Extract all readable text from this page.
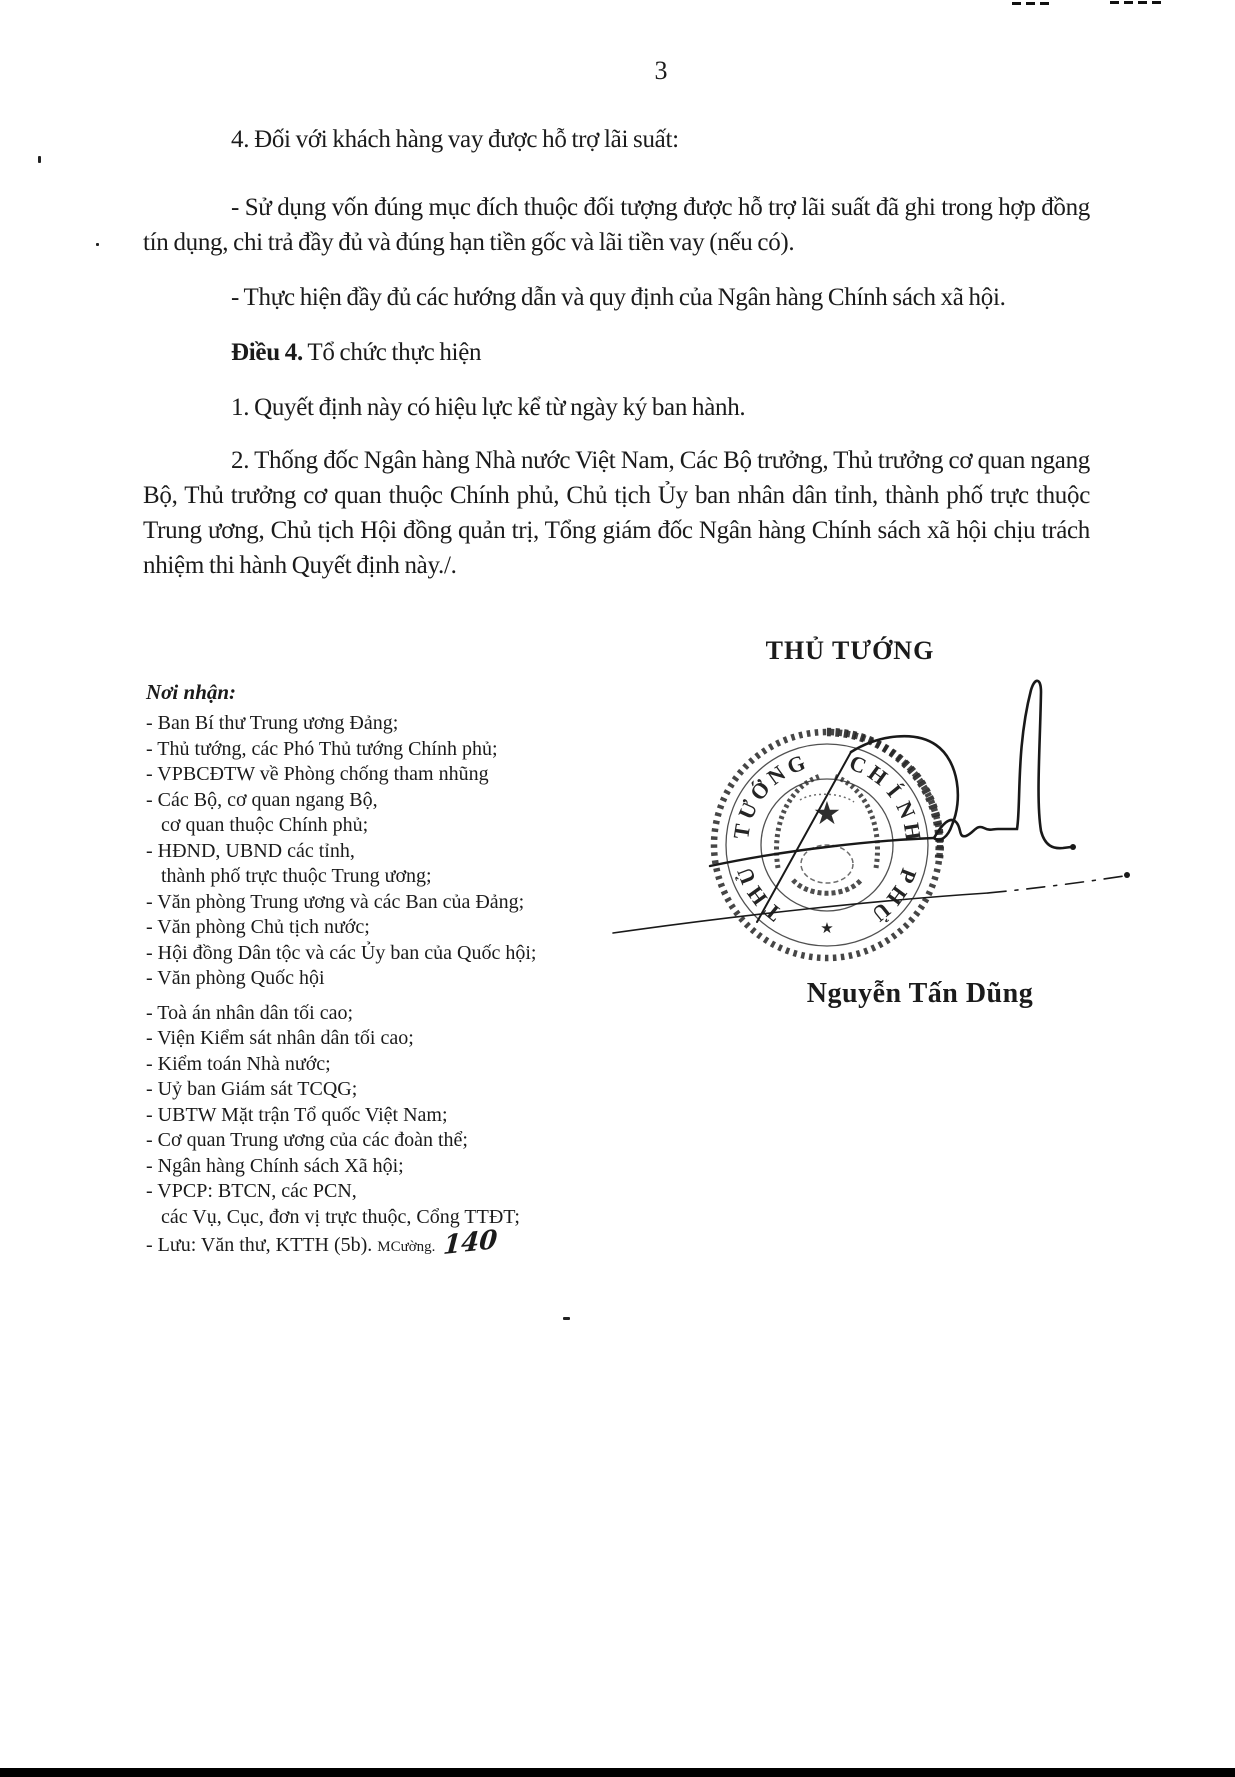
3

4. Đối với khách hàng vay được hỗ trợ lãi suất:

- Sử dụng vốn đúng mục đích thuộc đối tượng được hỗ trợ lãi suất đã ghi trong hợp đồng tín dụng, chi trả đầy đủ và đúng hạn tiền gốc và lãi tiền vay (nếu có).

- Thực hiện đầy đủ các hướng dẫn và quy định của Ngân hàng Chính sách xã hội.

Điều 4. Tổ chức thực hiện

1. Quyết định này có hiệu lực kể từ ngày ký ban hành.

2. Thống đốc Ngân hàng Nhà nước Việt Nam, Các Bộ trưởng, Thủ trưởng cơ quan ngang Bộ, Thủ trưởng cơ quan thuộc Chính phủ, Chủ tịch Ủy ban nhân dân tỉnh, thành phố trực thuộc Trung ương, Chủ tịch Hội đồng quản trị, Tổng giám đốc Ngân hàng Chính sách xã hội chịu trách nhiệm thi hành Quyết định này./.

THỦ TƯỚNG
Nguyễn Tấn Dũng
Nơi nhận:
- Ban Bí thư Trung ương Đảng;
- Thủ tướng, các Phó Thủ tướng Chính phủ;
- VPBCĐTW về Phòng chống tham nhũng
- Các Bộ, cơ quan ngang Bộ,
cơ quan thuộc Chính phủ;
- HĐND, UBND các tỉnh,
thành phố trực thuộc Trung ương;
- Văn phòng Trung ương và các Ban của Đảng;
- Văn phòng Chủ tịch nước;
- Hội đồng Dân tộc và các Ủy ban của Quốc hội;
- Văn phòng Quốc hội
- Toà án nhân dân tối cao;
- Viện Kiểm sát nhân dân tối cao;
- Kiểm toán Nhà nước;
- Uỷ ban Giám sát TCQG;
- UBTW Mặt trận Tổ quốc Việt Nam;
- Cơ quan Trung ương của các đoàn thể;
- Ngân hàng Chính sách Xã hội;
- VPCP: BTCN, các PCN,
các Vụ, Cục, đơn vị trực thuộc, Cổng TTĐT;
- Lưu: Văn thư, KTTH (5b). MCường. 140
★
★
T
H
Ủ
T
Ư
Ớ
N
G C
H
Í
N
H
P
H
Ủ
